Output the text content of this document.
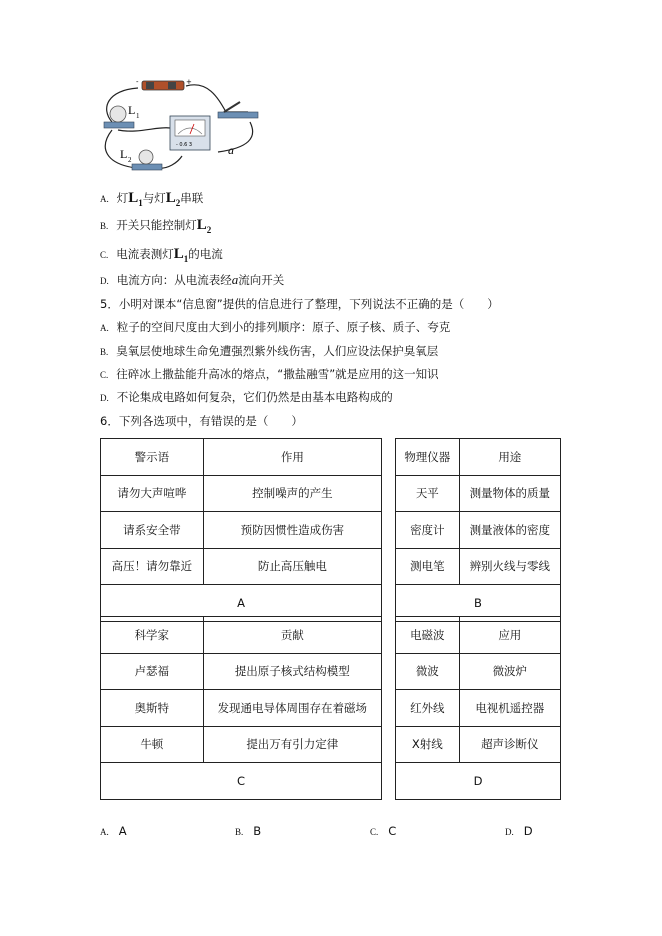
-	+
L 1
L 2
- 0.6 3	a
A. 灯$L_1$与灯$L_2$串联
B. 开关只能控制灯$L_2$
C. 电流表测灯$L_1$的电流
D. 电流方向：从电流表经a流向开关
5．小明对课本“信息窗”提供的信息进行了整理，下列说法不正确的是（　　）
A. 粒子的空间尺度由大到小的排列顺序：原子、原子核、质子、夸克
B. 臭氧层使地球生命免遭强烈紫外线伤害，人们应设法保护臭氧层
C. 往碎冰上撒盐能升高冰的熔点，“撒盐融雪”就是应用的这一知识
D. 不论集成电路如何复杂，它们仍然是由基本电路构成的
6．下列各选项中，有错误的是（　　）
警示语	作用
请勿大声喧哗	控制噪声的产生
请系安全带	预防因惯性造成伤害
高压！请勿靠近	防止高压触电
A	
物理仪器	用途
天平	测量物体的质量
密度计	测量液体的密度
测电笔	辨别火线与零线
B	
科学家	贡献
卢瑟福	提出原子核式结构模型
奥斯特	发现通电导体周围存在着磁场
牛顿	提出万有引力定律
C	
电磁波	应用
微波	微波炉
红外线	电视机遥控器
X射线	超声诊断仪
D	
A. A	B. B	C. C	D. D
